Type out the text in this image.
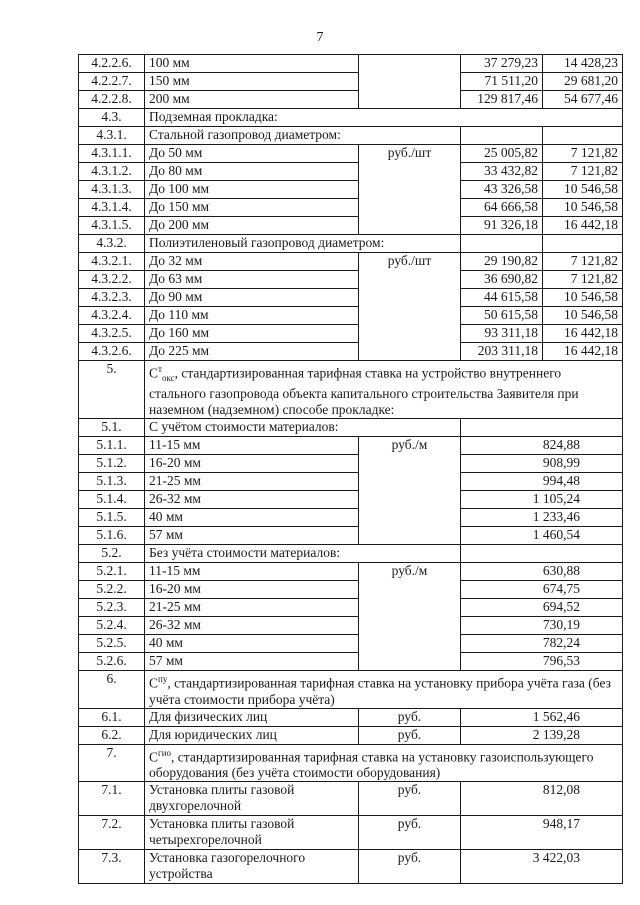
7
4.2.2.6.	100 мм		37 279,23	14 428,23
4.2.2.7.	150 мм		71 511,20	29 681,20
4.2.2.8.	200 мм		129 817,46	54 677,46
4.3.	Подземная прокладка:			
4.3.1.	Стальной газопровод диаметром:			
4.3.1.1.	До 50 мм	руб./шт	25 005,82	7 121,82
4.3.1.2.	До 80 мм		33 432,82	7 121,82
4.3.1.3.	До 100 мм		43 326,58	10 546,58
4.3.1.4.	До 150 мм		64 666,58	10 546,58
4.3.1.5.	До 200 мм		91 326,18	16 442,18
4.3.2.	Полиэтиленовый газопровод диаметром:			
4.3.2.1.	До 32 мм	руб./шт	29 190,82	7 121,82
4.3.2.2.	До 63 мм		36 690,82	7 121,82
4.3.2.3.	До 90 мм		44 615,58	10 546,58
4.3.2.4.	До 110 мм		50 615,58	10 546,58
4.3.2.5.	До 160 мм		93 311,18	16 442,18
4.3.2.6.	До 225 мм		203 311,18	16 442,18
5.	$C^т_{окс}$, стандартизированная тарифная ставка на устройство внутреннего стального газопровода объекта капитального строительства Заявителя при наземном (надземном) способе прокладке:			
5.1.	С учётом стоимости материалов:			
5.1.1.	11-15 мм	руб./м	824,88	
5.1.2.	16-20 мм		908,99	
5.1.3.	21-25 мм		994,48	
5.1.4.	26-32 мм		1 105,24	
5.1.5.	40 мм		1 233,46	
5.1.6.	57 мм		1 460,54	
5.2.	Без учёта стоимости материалов:			
5.2.1.	11-15 мм	руб./м	630,88	
5.2.2.	16-20 мм		674,75	
5.2.3.	21-25 мм		694,52	
5.2.4.	26-32 мм		730,19	
5.2.5.	40 мм		782,24	
5.2.6.	57 мм		796,53	
6.	$C^{пу}$, стандартизированная тарифная ставка на установку прибора учёта газа (без учёта стоимости прибора учёта)			
6.1.	Для физических лиц	руб.	1 562,46	
6.2.	Для юридических лиц	руб.	2 139,28	
7.	$C^{гио}$, стандартизированная тарифная ставка на установку газоиспользующего оборудования (без учёта стоимости оборудования)			
7.1.	Установка плиты газовой двухгорелочной	руб.	812,08	
7.2.	Установка плиты газовой четырехгорелочной	руб.	948,17	
7.3.	Установка газогорелочного устройства	руб.	3 422,03	
